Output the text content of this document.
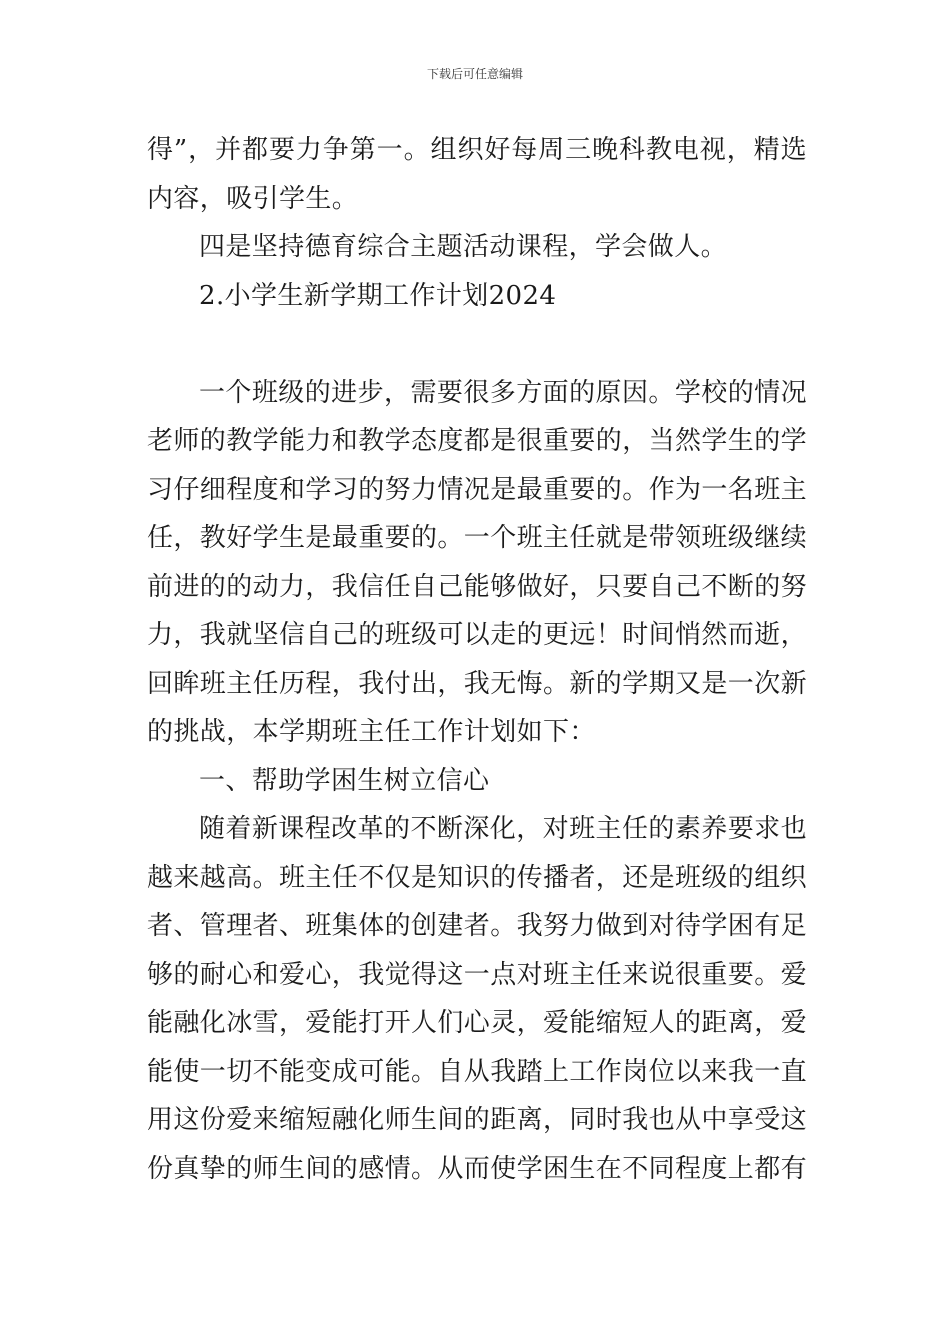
下载后可任意编辑

得”，并都要力争第一。组织好每周三晚科教电视，精选内容，吸引学生。

四是坚持德育综合主题活动课程，学会做人。

2.小学生新学期工作计划2024

一个班级的进步，需要很多方面的原因。学校的情况老师的教学能力和教学态度都是很重要的，当然学生的学习仔细程度和学习的努力情况是最重要的。作为一名班主任，教好学生是最重要的。一个班主任就是带领班级继续前进的的动力，我信任自己能够做好，只要自己不断的努力，我就坚信自己的班级可以走的更远！时间悄然而逝，回眸班主任历程，我付出，我无悔。新的学期又是一次新的挑战，本学期班主任工作计划如下：

一、帮助学困生树立信心

随着新课程改革的不断深化，对班主任的素养要求也越来越高。班主任不仅是知识的传播者，还是班级的组织者、管理者、班集体的创建者。我努力做到对待学困有足够的耐心和爱心，我觉得这一点对班主任来说很重要。爱能融化冰雪，爱能打开人们心灵，爱能缩短人的距离，爱能使一切不能变成可能。自从我踏上工作岗位以来我一直用这份爱来缩短融化师生间的距离，同时我也从中享受这份真挚的师生间的感情。从而使学困生在不同程度上都有
